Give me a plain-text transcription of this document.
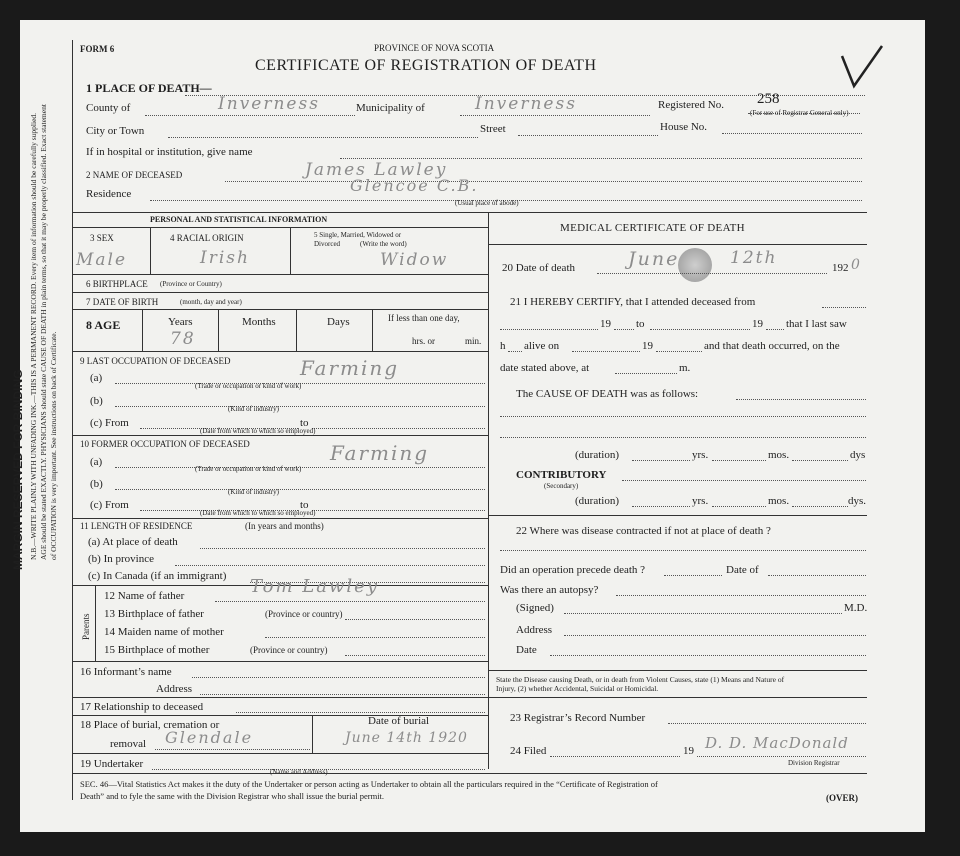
MARGIN RESERVED FOR BINDING N.B.—WRITE PLAINLY WITH UNFADING INK.—THIS IS A PERMANENT RECORD. Every item of information should be carefully supplied. AGE should be stated EXACTLY. PHYSICIANS should state CAUSE OF DEATH in plain terms, so that it may be properly classified. Exact statement of OCCUPATION is very important. See instructions on back of Certificate.
FORM 6	PROVINCE OF NOVA SCOTIA
CERTIFICATE OF REGISTRATION OF DEATH
1 PLACE OF DEATH—
County of	Inverness	Municipality of	Inverness	Registered No. 258
(For use of Registrar General only)
City or Town	Street	House No.
If in hospital or institution, give name
2 NAME OF DECEASED	James Lawley
Residence	Glencoe C.B.
(Usual place of abode)
PERSONAL AND STATISTICAL INFORMATION
3 SEX	4 RACIAL ORIGIN	5 Single, Married, Widowed or
Divorced	(Write the word)
Male	Irish	Widow
6 BIRTHPLACE (Province or Country)
7 DATE OF BIRTH	(month, day and year)
8 AGE	Years
78
Months	Days	If less than one day,
hrs. or	min.
9 LAST OCCUPATION OF DECEASED
(a)	Farming
(Trade or occupation or kind of work)
(b)
(Kind of industry)
(c) From	to
(Date from which to which so employed)
10 FORMER OCCUPATION OF DECEASED
(a)	Farming
(Trade or occupation or kind of work)
(b)
(Kind of industry)
(c) From	to
(Date from which to which so employed)
11 LENGTH OF RESIDENCE	(In years and months)
(a) At place of death
(b) In province
(c) In Canada (if an immigrant)
Parents
12 Name of father	Tom Lawley
13 Birthplace of father	(Province or country)
14 Maiden name of mother
15 Birthplace of mother	(Province or country)
16 Informant’s name
Address
17 Relationship to deceased
18 Place of burial, cremation or
removal Glendale
Date of burial
June 14th 1920
19 Undertaker
(Name and Address)
MEDICAL CERTIFICATE OF DEATH
20 Date of death	June	12th	192 0
21 I HEREBY CERTIFY, that I attended deceased from
19 to	19 that I last saw
h alive on	19	and that death occurred, on the
date stated above, at	m.
The CAUSE OF DEATH was as follows:
(duration)	yrs.	mos.	dys
CONTRIBUTORY
(Secondary)
(duration)	yrs.	mos.	dys.
22 Where was disease contracted if not at place of death ?
Did an operation precede death ?	Date of
Was there an autopsy?
(Signed)	M.D.
Address
Date
State the Disease causing Death, or in death from Violent Causes, state (1) Means and Nature of
Injury, (2) whether Accidental, Suicidal or Homicidal.
23 Registrar’s Record Number
24 Filed	19 D. D. MacDonald
Division Registrar
SEC. 46—Vital Statistics Act makes it the duty of the Undertaker or person acting as Undertaker to obtain all the particulars required in the “Certificate of Registration of
Death” and to fyle the same with the Division Registrar who shall issue the burial permit.	(OVER)
